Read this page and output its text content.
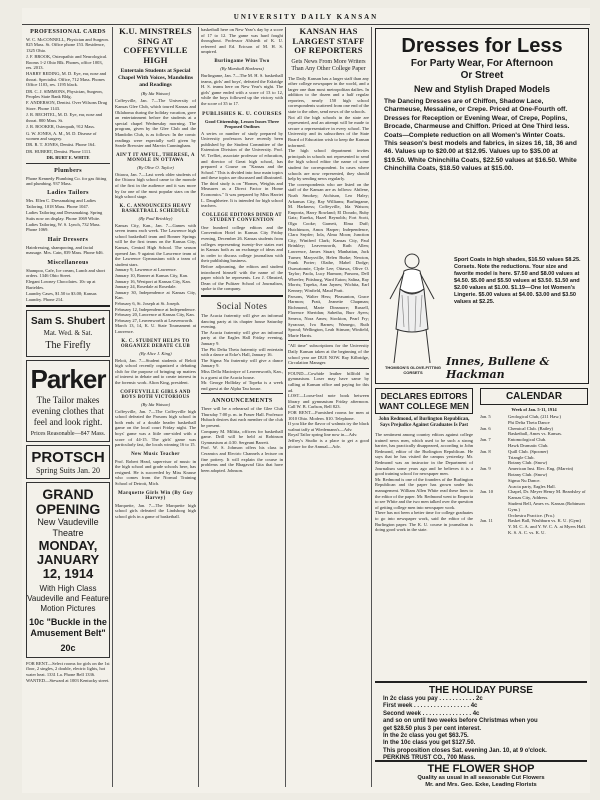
UNIVERSITY DAILY KANSAN
PROFESSIONAL CARDS
W. C. McCONNELL, Physician and Surgeon. 825 Mass. St. Office phone 153. Residence, 1325 Ohio.
J. F. BROOK, Osteopathic and Neurological. Rooms 1-2 Ohio Blk. Phones, office 1003, res. 2013.
HARRY REDING, M. D. Eye, ear, nose and throat. Specialist. Office, 712 Mass. Phones Office 1103, res. 1195 black.
DR. C. J. SIMMONS, Physician, Surgeon, Peoples State Bank Bldg.
F. ANDERSON, Dentist. Over Wilsons Drug Store. Phone 1143.
J. R. BECHTEL, M. D. Eye, ear, nose and throat. 800 Mass. St.
J. R. BOOKER, Osteopath, 912 Mass.
G. W. JONES, A. M., M. D. Disease of women and surgery.
DR. R. T. JONES, Dentist. Phone 164.
DR. HUBERT, Dentist. Phone 1111.
DR. BURT E. WHITE
Plumbers
Phone Kennedy Plumbing Co. for gas fitting and plumbing. 937 Mass.
Ladies Tailors
Mrs. Ellen C. Dressmaking and Ladies Tailoring. 1018 Mass. Phone 1047.
Ladies Tailoring and Dressmaking. Spring Suits now on display. Phone 1069 White.
Ladies Tailoring, W. S. Lynch, 732 Mass. Phone 1069.
Hair Dressers
Hairdressing, shampooing, and facial massage. Mrs. Cain, 839 Mass. Phone 646.
Miscellaneous
Shampoo, Cafe, Ice cream, Lunch and short orders. 1346 Ohio Street.
Elegant Lowney Chocolates. 10c up at Barteldes.
Laundry Cases, $1.50 to $3.00; Kansas Laundry. Phone 214.
Sam S. Shubert
Mat. Wed. & Sat.
The Firefly
Parker
The Tailor makes evening clothes that feel and look right.
Prices Reasonable—847 Mass.
PROTSCH
Spring Suits Jan. 20
GRAND OPENING
New Vaudeville Theatre
MONDAY, JANUARY 12, 1914
With High Class Vaudeville and Feature Motion Pictures
10c "Buckle in the Amusement Belt"
20c
FOR RENT—Select rooms for girls on the 1st floor, 2 singles, 2 double, electric lights, hot water heat. 1331 La. Phone Bell 1336.
WANTED—Steward at 1003 Kentucky street.
K.U. MINSTRELS SING AT COFFEYVILLE HIGH
Entertain Students at Special Chapel With Voices, Mandolins and Readings
(By Ida Watson)
Coffeyville, Jan. 7—The University of Kansas Glee Club, which toured Kansas and Oklahoma during the holiday vacation, gave an entertainment before the students at a special chapel Wednesday morning. The program, given by the Glee Club and the Mandolin Club, is as follows: In the comic readings were especially well given by Searle Brewster and Marvin Cunningham.
AIN'T IT AWFUL, THERESE, A MONOLE IN OTTAWA
(By Olive O. Taylor)
Ottawa, Jan. 7—Last week older students of the Ottawa high school came to the monole of the first in the audience and it was more by far one of the most popular stars on the high school stage.
K. C. ANNOUNCEES HEAVY BASKETBALL SCHEDULE
(By Paul Brinkley)
Kansas City, Kan., Jan. 7—Games with seven teams each week. The Lawrence high school basketball team and Bonner Springs will be the first teams on the Kansas City, Kansas, Central High School. The season opened Jan. 9 against the Lawrence team at the Lawrence Gymnasium with a team of student stars.
January 9, Lawrence at Lawrence.
January 10, Bonner at Kansas City, Kan.
January 16, Westport at Kansas City, Kan.
January 24, Rosedale at Rosedale.
January 30, Independence at Kansas City, Kan.
February 6, St. Joseph at St. Joseph.
February 12, Independence at Independence.
February 20, Lawrence at Kansas City, Kan.
February 27, Leavenworth at Leavenworth.
March 13, 14, K. U. State Tournament at Lawrence.
K. C. STUDENT HELPS TO ORGANIZE DEBATE CLUB
(By Alice J. King)
Beloit, Jan. 7—Student students of Beloit high school recently organized a debating club for the purpose of bringing up matters of interest in debate and to create interest in the forensic work. Alton King, president.
COFFEYVILLE GIRLS AND BOYS BOTH VICTORIOUS
(By Ida Watson)
Coffeyville, Jan. 7—The Coffeyville high school defeated the Parsons high school in both ends of a double header basketball game on the local court Friday night. The boys' game was a little one-sided with a score of 44-15. The girls' game was particularly fast, the locals winning 16 to 15.
New Music Teacher
Prof. Robert Head, supervisor of music in the high school and grade schools here, has resigned. He is succeeded by Miss Krause who comes from the Normal Training School of Detroit, Mich.
Marquette Girls Win (By Guy Harvey)
Marquette, Jan. 7—The Marquette high school girls defeated the Lindsborg high school girls in a game of basketball.
basketball here on New Year's day by a score of 17 to 12. The game was hard fought throughout. Professor Ahlstedt of K. U. refereed and Ed. Ericson of M. H. S. umpired.
Burlingame Wins Two
(By Marshall Harkness)
Burlingame, Jan. 7—The M. H. S. basketball teams, girls' and boys', defeated the Eskridge H. S. teams here on New Year's night. The girls' game ended with a score of 13 to 12, while the boys followed up the victory with the score of 35 to 17.
PUBLISHES K. U. COURSES
Good Citizenship, Lesson Issues Three Proposed Outlines
A series or number of study prepared by University professors have recently been published by the Student Committee of the Extension Division of the University. Prof. W. Trelliet, associate professor of education, and director of Great high school, has prepared a Course on "Kansas and the School." This is divided into four main topics and these topics are discussed and illustrated.
The third study is on "Homes, Weights and Measures as a Direct Factor in Home Economics." It was prepared by Miss Harriet L. Daughhetee. It is intended for high school teachers.
COLLEGE EDITORS DINED AT STUDENT CONVENTION
One hundred college editors and the Convention Hotel in Kansas City Friday evening, December 26. Kansas students from colleges representing twenty-five states met in Kansas both as an exchange of ideas and in order to discuss college journalism with their publishing business.
Before adjourning, the editors and student introduced himself with the name of the paper which he represents. Leo J. Olmsted, Dean of the Pulitzer School of Journalism, spoke to the company.
Social Notes
The Acacia fraternity will give an informal dancing party at its chapter house Saturday evening.
The Acacia fraternity will give an informal party at the Eagles Hall Friday evening, January 9.
The Phi Delta Theta fraternity will entertain with a dance at Ecke's Hall, January 16.
The Sigma Nu fraternity will give a dance January 9.
Miss Della Macintyre of Leavenworth, Kan., is a guest at the Acacia house.
Mr. George Holliday of Topeka is a week end guest at the Alpha Tau house.
ANNOUNCEMENTS
There will be a rehearsal of the Glee Club Thursday 7:00 p. m. in Fraser Hall. Professor Hubach desires that each member of the club be present.
Company M. Militia, officers for basketball game. Drill will be held at Robinson Gymnasium at 4:30. Sergeant Barrett.
Prof. W. S. Johnson offers his class in Ceramics and Electric Channels a lecture on fine pottery. It will explain the course in problems and the Bhagavad Gita that have been adopted. Johnson.
KANSAN HAS LARGEST STAFF OF REPORTERS
Gets News From More Writers Than Any Other College Paper
The Daily Kansan has a larger staff than any other college newspaper in the world, and a larger one than most metropolitan dailies. In addition to the dozen and a half regular reporters, nearly 150 high school correspondents scattered from one end of the state to the other, send news of the schools.
Not all the high schools in the state are represented, and an attempt will be made to secure a representative in every school. The University and its subscribers of the State Board of Education wish to keep the Kansan informed.
The high school department invites principals in schools not represented to send the high school editor the name of some student for correspondent. In cases where schools are now represented, they should help by sending news regularly.
The correspondents who are listed on the staff of the Kansan are as follows: Abilene, Noah Smokey; Atchison, Leo Haley; Arkansas City, Ray Williams; Burlingame, M. Harkness; Coffeyville, Ida Watson; Emporia, Harry Rowland; El Dorado, Ruby Gatz; Eureka, Hazel Reynolds; Fort Scott, Olga Cooke; Garnett, Elma Duff; Hutchinson, Amos Harper; Independence, Clara Snyder; Iola, Alma Moon; Junction City, Winifred Clark; Kansas City, Paul Brinkley; Leavenworth, Ruth Allen; Lawrence, James Stuart; Manhattan, Jack Turner; Marysville, Helen Burke; Newton, Frank Porter; Olathe, Mabel Dodge; Osawatomie, Clyde Lee; Ottawa, Olive O. Taylor; Paola, Lucy Harmon; Parsons, Dell Wheeler; Pittsburg, Ward Eaton; Salina, Ray Morris; Topeka, Ann Jaynes; Wichita, Earl Kenney; Winfield, Maud Pratt.
Parsons, Walter Hess; Pleasanton, Grace Harmon; Pratt, Jeanette Chapman; Richmond, Marie Dinsmore; Russell, Florence Sheridan; Sabetha, Burr Ayers; Seneca, Nora Ames; Stockton, Pearl Fry; Syracuse, Iva Barnes; Wamego, Ruth Sproul; Wellington, Leah Stinson; Winfield, Marie Harris.
"All time" subscriptions for the University Daily Kansan taken at the beginning of the school year are DUE NOW. Ray Kilbridge, Circulation Manager.
FOUND—Cowhide leather billfold in gymnasium. Loser may have same by calling at Kansan office and paying for this ad.
LOST—Loose-leaf note book between library and gymnasium Friday afternoon. Call W. B. Carlson, Bell 823.
FOR RENT—Furnished rooms for men at 1010 Ohio. Modern. $10. Telephone.
If you like the flavor of walnuts try the black walnut taffy at Wiedemann's—Adv.
Royal Tailor spring line now in—Adv.
Jeffrey's Studio is a place to get a good picture for the Annual—Adv.
Dresses for Less
For Party Wear, For Afternoon
Or Street
New and Stylish Draped Models
The Dancing Dresses are of Chiffon, Shadow Lace, Charmeuse, Messaline, or Crepe. Priced at One-Fourth off. Dresses for Reception or Evening Wear, of Crepe, Poplins, Brocade, Charmeuse and Chiffon. Priced at One Third less. Coats—Complete reduction on all Women's Winter Coats. This season's best models and fabrics, in sizes 16, 18, 36 and 46. Values up to $20.00 at $12.95. Values up to $35.00 at $19.50. White Chinchilla Coats, $22.50 values at $16.50. White Chinchilla Coats, $18.50 values at $15.00.
THOMSON'S GLOVE-FITTING CORSETS
Sport Coats in high shades, $16.50 values $8.25. Corsets. Note the reductions. Your size and favorite model is here. $7.50 and $8.00 values at $4.50. $5.00 and $5.50 values at $3.50. $1.50 and $2.00 values at $1.00. $1.19—One lot Women's Lingerie. $5.00 values at $4.00. $3.00 and $3.50 values at $2.25.
Innes, Bullene & Hackman
DECLARES EDITORS WANT COLLEGE MEN
John Redmond, of Burlington Republican, Says Prejudice Against Graduates Is Past
The sentiment among country editors against college trained news men, which used to be such a strong barrier, has practically disappeared, according to John Redmond, editor of the Burlington Republican. He says that he has visited the campus yesterday. Mr. Redmond was an instructor in the Department of Journalism some years ago and he believes it is a good training school for newspaper men.
Mr. Redmond is one of the founders of the Burlington Republican and the paper has grown under his management. William Allen White read these lines to the editor of the paper. Mr. Redmond went to Emporia to see White and the two men talked over the question of getting college men into newspaper work.
There has not been a better time for college graduates to go into newspaper work, said the editor of the Burlington paper. The K. U. course in journalism is doing good work in the state.
CALENDAR
Week of Jan. 5-11, 1914
Jan. 5	Geological Club, (211 Haw.)
Phi Delta Theta Dance
Jan. 6	Chemical Club. (Bailey)
Basketball, Ames vs. Kansas.
Jan. 7	Entomological Club.
Hawk Dramatic Club.
Jan. 8	Quill Club. (Spooner)
Triangle Club.
Botany Club. (Snow)
Jan. 9	American Inst. Elec. Eng. (Marvin)
Botany Club. (Snow)
Sigma Nu Dance.
Acacia party, Eagles Hall.
Jan. 10	Chapel, Dr. Meyer Henry M. Beardsley of Kansas City, Address.
Student Bell, Ames vs. Kansas (Robinson Gym.)
Orchestra Practice. (Fra.)
Jan. 11	Basket Ball, Washburn vs. K. U. (Gym)
Y. M. C. A. and Y. W. C. A. at Myers Hall.
K. S. A. C. vs. K. U.
THE HOLIDAY PURSE
In 2c class you pay . . . . . . . . . . . 2c
First week . . . . . . . . . . . . . . . . . 4c
Second week . . . . . . . . . . . . . . . 4c
and so on until two weeks before Christmas when you
get $28.50 plus 3 per cent interest.
In the 2c class you get $63.75.
In the 10c class you get $127.50.
This proposition closes Sat. evening Jan. 10, at 9 o'clock.
PERKINS TRUST CO., 700 Mass.
THE FLOWER SHOP
Quality as usual in all seasonable Cut Flowers
Mr. and Mrs. Geo. Exke, Leading Florists
